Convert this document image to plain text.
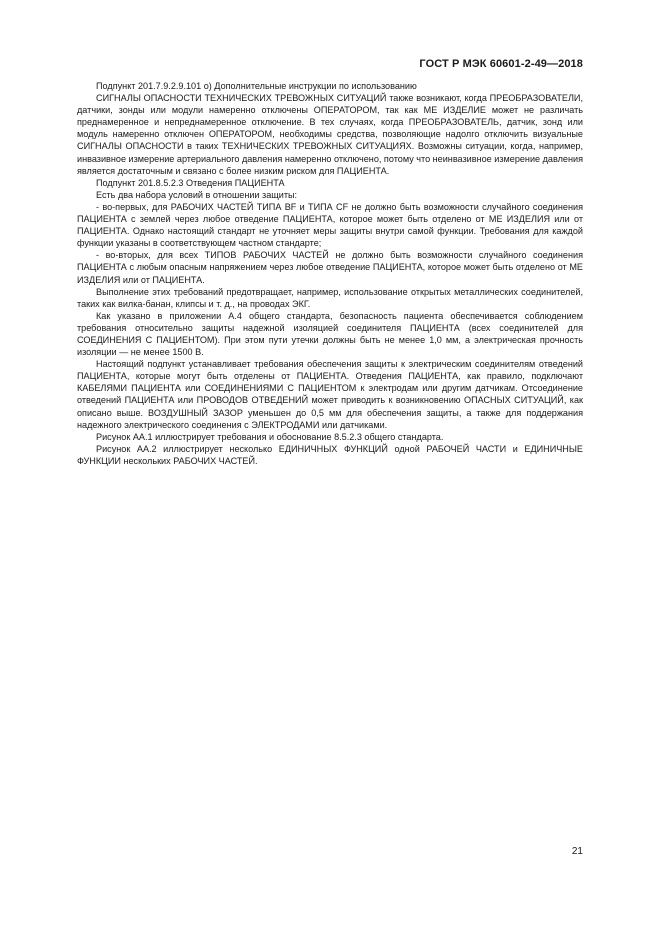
ГОСТ Р МЭК 60601-2-49—2018

Подпункт 201.7.9.2.9.101 o) Дополнительные инструкции по использованию

СИГНАЛЫ ОПАСНОСТИ ТЕХНИЧЕСКИХ ТРЕВОЖНЫХ СИТУАЦИЙ также возникают, когда ПРЕОБРАЗОВАТЕЛИ, датчики, зонды или модули намеренно отключены ОПЕРАТОРОМ, так как МЕ ИЗДЕЛИЕ может не различать преднамеренное и непреднамеренное отключение. В тех случаях, когда ПРЕОБРАЗОВАТЕЛЬ, датчик, зонд или модуль намеренно отключен ОПЕРАТОРОМ, необходимы средства, позволяющие надолго отключить визуальные СИГНАЛЫ ОПАСНОСТИ в таких ТЕХНИЧЕСКИХ ТРЕВОЖНЫХ СИТУАЦИЯХ. Возможны ситуации, когда, например, инвазивное измерение артериального давления намеренно отключено, потому что неинвазивное измерение давления является достаточным и связано с более низким риском для ПАЦИЕНТА.

Подпункт 201.8.5.2.3 Отведения ПАЦИЕНТА

Есть два набора условий в отношении защиты:

- во-первых, для РАБОЧИХ ЧАСТЕЙ ТИПА BF и ТИПА CF не должно быть возможности случайного соединения ПАЦИЕНТА с землей через любое отведение ПАЦИЕНТА, которое может быть отделено от МЕ ИЗДЕЛИЯ или от ПАЦИЕНТА. Однако настоящий стандарт не уточняет меры защиты внутри самой функции. Требования для каждой функции указаны в соответствующем частном стандарте;

- во-вторых, для всех ТИПОВ РАБОЧИХ ЧАСТЕЙ не должно быть возможности случайного соединения ПАЦИЕНТА с любым опасным напряжением через любое отведение ПАЦИЕНТА, которое может быть отделено от МЕ ИЗДЕЛИЯ или от ПАЦИЕНТА.

Выполнение этих требований предотвращает, например, использование открытых металлических соединителей, таких как вилка-банан, клипсы и т. д., на проводах ЭКГ.

Как указано в приложении А.4 общего стандарта, безопасность пациента обеспечивается соблюдением требования относительно защиты надежной изоляцией соединителя ПАЦИЕНТА (всех соединителей для СОЕДИНЕНИЯ С ПАЦИЕНТОМ). При этом пути утечки должны быть не менее 1,0 мм, а электрическая прочность изоляции — не менее 1500 В.

Настоящий подпункт устанавливает требования обеспечения защиты к электрическим соединителям отведений ПАЦИЕНТА, которые могут быть отделены от ПАЦИЕНТА. Отведения ПАЦИЕНТА, как правило, подключают КАБЕЛЯМИ ПАЦИЕНТА или СОЕДИНЕНИЯМИ С ПАЦИЕНТОМ к электродам или другим датчикам. Отсоединение отведений ПАЦИЕНТА или ПРОВОДОВ ОТВЕДЕНИЙ может приводить к возникновению ОПАСНЫХ СИТУАЦИЙ, как описано выше. ВОЗДУШНЫЙ ЗАЗОР уменьшен до 0,5 мм для обеспечения защиты, а также для поддержания надежного электрического соединения с ЭЛЕКТРОДАМИ или датчиками.

Рисунок АА.1 иллюстрирует требования и обоснование 8.5.2.3 общего стандарта.

Рисунок АА.2 иллюстрирует несколько ЕДИНИЧНЫХ ФУНКЦИЙ одной РАБОЧЕЙ ЧАСТИ и ЕДИНИЧНЫЕ ФУНКЦИИ нескольких РАБОЧИХ ЧАСТЕЙ.

21
